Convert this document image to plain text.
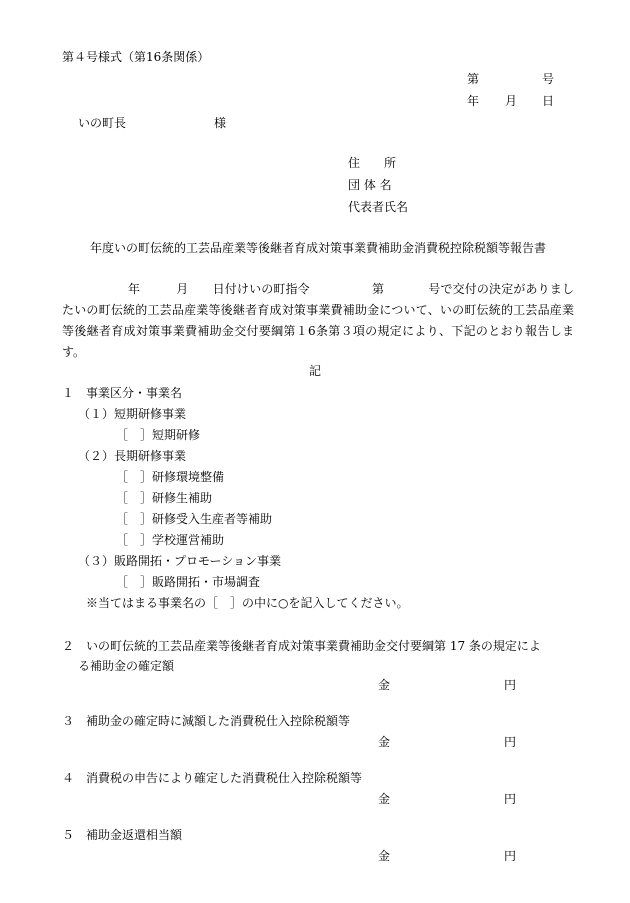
第４号様式（第16条関係）
第	号
年 月 日
いの町長	様
住　　所
団 体 名
代表者氏名
年度いの町伝統的工芸品産業等後継者育成対策事業費補助金消費税控除税額等報告書
年	月 日付けいの町指令	第	号で交付の決定がありましたいの町伝統的工芸品産業等後継者育成対策事業費補助金について、いの町伝統的工芸品産業等後継者育成対策事業費補助金交付要綱第１6条第３項の規定により、下記のとおり報告します。
記
１　事業区分・事業名
（１）短期研修事業
［　］短期研修
（２）長期研修事業
［　］研修環境整備
［　］研修生補助
［　］研修受入生産者等補助
［　］学校運営補助
（３）販路開拓・プロモーション事業
［　］販路開拓・市場調査
※当てはまる事業名の［　］の中に○を記入してください。
２　いの町伝統的工芸品産業等後継者育成対策事業費補助金交付要綱第 17 条の規定によ
る補助金の確定額
金	円
３　補助金の確定時に減額した消費税仕入控除税額等
金	円
４　消費税の申告により確定した消費税仕入控除税額等
金	円
５　補助金返還相当額
金	円
